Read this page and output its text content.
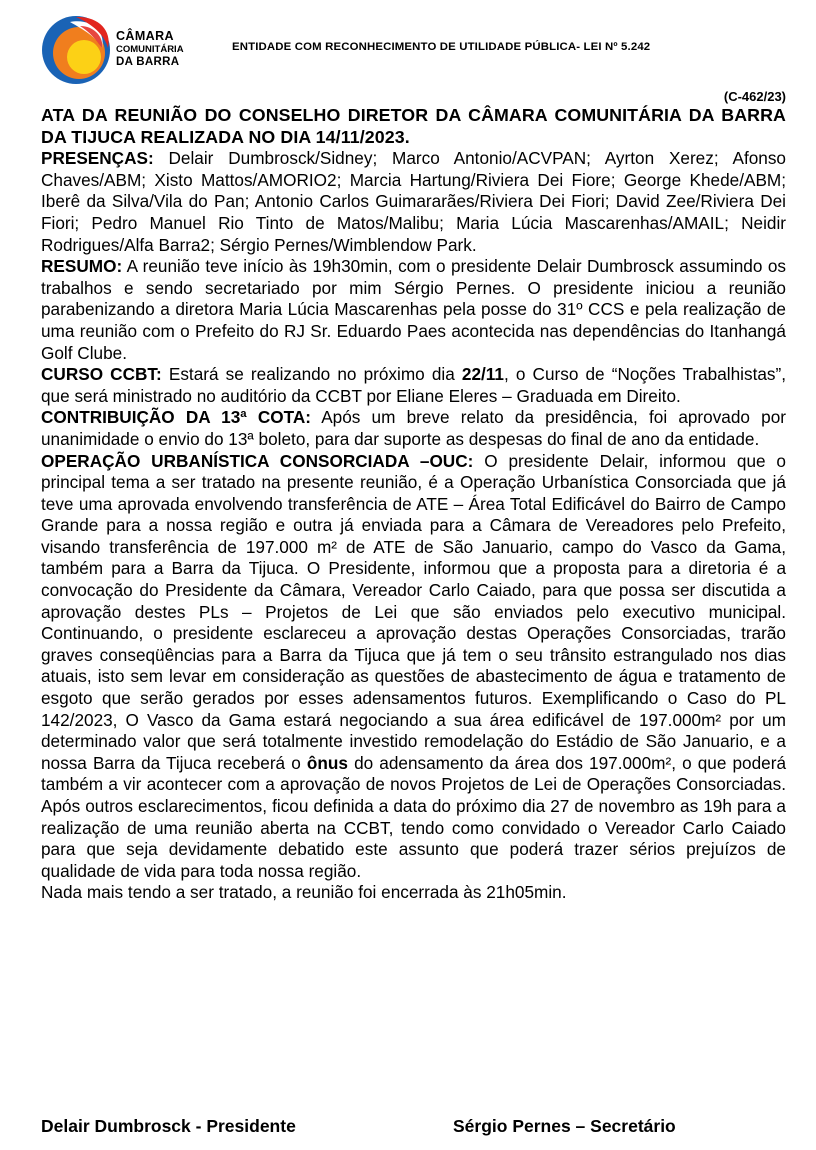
CÂMARA
COMUNITÁRIA
DA BARRA
ENTIDADE COM RECONHECIMENTO DE UTILIDADE PÚBLICA- LEI Nº 5.242
(C-462/23)

ATA DA REUNIÃO DO CONSELHO DIRETOR DA CÂMARA COMUNITÁRIA DA BARRA DA TIJUCA REALIZADA NO DIA 14/11/2023.

PRESENÇAS: Delair Dumbrosck/Sidney; Marco Antonio/ACVPAN; Ayrton Xerez; Afonso Chaves/ABM; Xisto Mattos/AMORIO2; Marcia Hartung/Riviera Dei Fiore; George Khede/ABM; Iberê da Silva/Vila do Pan; Antonio Carlos Guimararães/Riviera Dei Fiori; David Zee/Riviera Dei Fiori; Pedro Manuel Rio Tinto de Matos/Malibu; Maria Lúcia Mascarenhas/AMAIL; Neidir Rodrigues/Alfa Barra2; Sérgio Pernes/Wimblendow Park.

RESUMO: A reunião teve início às 19h30min, com o presidente Delair Dumbrosck assumindo os trabalhos e sendo secretariado por mim Sérgio Pernes. O presidente iniciou a reunião parabenizando a diretora Maria Lúcia Mascarenhas pela posse do 31º CCS e pela realização de uma reunião com o Prefeito do RJ Sr. Eduardo Paes acontecida nas dependências do Itanhangá Golf Clube.

CURSO CCBT: Estará se realizando no próximo dia 22/11, o Curso de “Noções Trabalhistas”, que será ministrado no auditório da CCBT por Eliane Eleres – Graduada em Direito.

CONTRIBUIÇÃO DA 13ª COTA: Após um breve relato da presidência, foi aprovado por unanimidade o envio do 13ª boleto, para dar suporte as despesas do final de ano da entidade.

OPERAÇÃO URBANÍSTICA CONSORCIADA –OUC: O presidente Delair, informou que o principal tema a ser tratado na presente reunião, é a Operação Urbanística Consorciada que já teve uma aprovada envolvendo transferência de ATE – Área Total Edificável do Bairro de Campo Grande para a nossa região e outra já enviada para a Câmara de Vereadores pelo Prefeito, visando transferência de 197.000 m² de ATE de São Januario, campo do Vasco da Gama, também para a Barra da Tijuca. O Presidente, informou que a proposta para a diretoria é a convocação do Presidente da Câmara, Vereador Carlo Caiado, para que possa ser discutida a aprovação destes PLs – Projetos de Lei que são enviados pelo executivo municipal. Continuando, o presidente esclareceu a aprovação destas Operações Consorciadas, trarão graves conseqüências para a Barra da Tijuca que já tem o seu trânsito estrangulado nos dias atuais, isto sem levar em consideração as questões de abastecimento de água e tratamento de esgoto que serão gerados por esses adensamentos futuros. Exemplificando o Caso do PL 142/2023, O Vasco da Gama estará negociando a sua área edificável de 197.000m² por um determinado valor que será totalmente investido remodelação do Estádio de São Januario, e a nossa Barra da Tijuca receberá o ônus do adensamento da área dos 197.000m², o que poderá também a vir acontecer com a aprovação de novos Projetos de Lei de Operações Consorciadas. Após outros esclarecimentos, ficou definida a data do próximo dia 27 de novembro as 19h para a realização de uma reunião aberta na CCBT, tendo como convidado o Vereador Carlo Caiado para que seja devidamente debatido este assunto que poderá trazer sérios prejuízos de qualidade de vida para toda nossa região.

Nada mais tendo a ser tratado, a reunião foi encerrada às 21h05min.

Delair Dumbrosck - Presidente	Sérgio Pernes – Secretário
